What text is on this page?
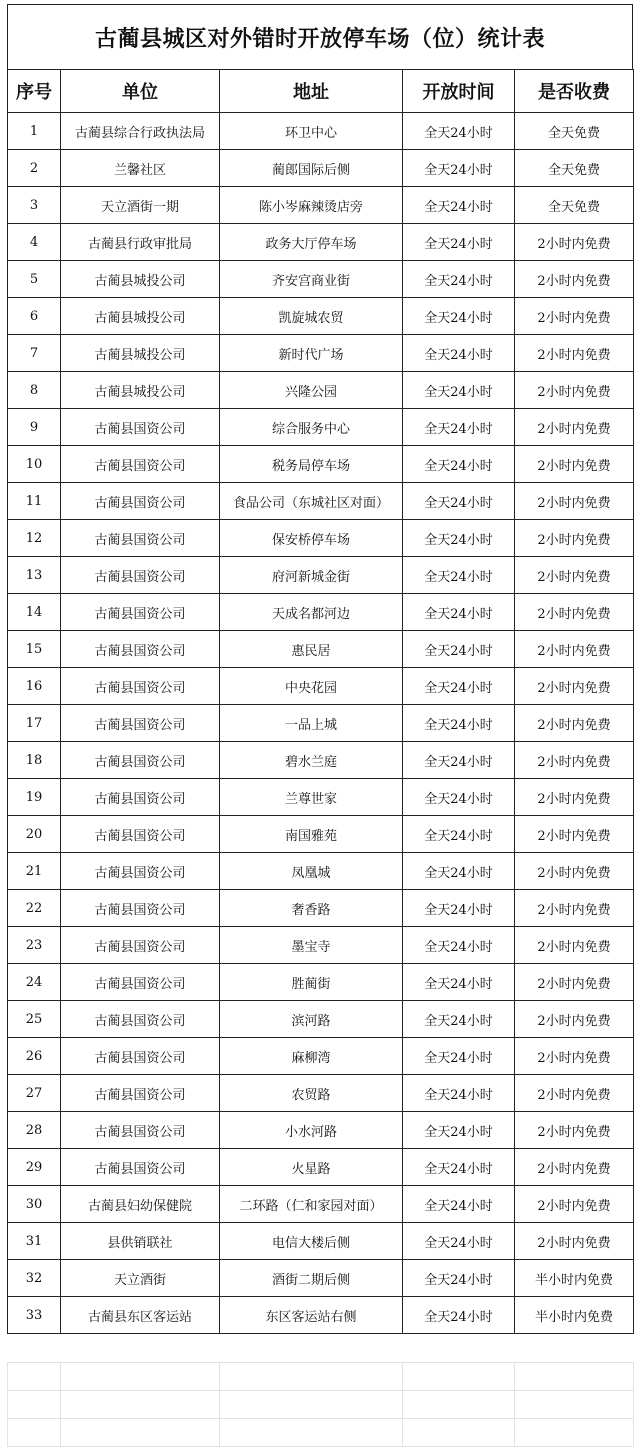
古蔺县城区对外错时开放停车场（位）统计表
序号	单位	地址	开放时间	是否收费
1	古蔺县综合行政执法局	环卫中心	全天24小时	全天免费
2	兰馨社区	蔺郎国际后侧	全天24小时	全天免费
3	天立酒街一期	陈小岑麻辣烫店旁	全天24小时	全天免费
4	古蔺县行政审批局	政务大厅停车场	全天24小时	2小时内免费
5	古蔺县城投公司	齐安宫商业街	全天24小时	2小时内免费
6	古蔺县城投公司	凯旋城农贸	全天24小时	2小时内免费
7	古蔺县城投公司	新时代广场	全天24小时	2小时内免费
8	古蔺县城投公司	兴隆公园	全天24小时	2小时内免费
9	古蔺县国资公司	综合服务中心	全天24小时	2小时内免费
10	古蔺县国资公司	税务局停车场	全天24小时	2小时内免费
11	古蔺县国资公司	食品公司（东城社区对面）	全天24小时	2小时内免费
12	古蔺县国资公司	保安桥停车场	全天24小时	2小时内免费
13	古蔺县国资公司	府河新城金街	全天24小时	2小时内免费
14	古蔺县国资公司	天成名都河边	全天24小时	2小时内免费
15	古蔺县国资公司	惠民居	全天24小时	2小时内免费
16	古蔺县国资公司	中央花园	全天24小时	2小时内免费
17	古蔺县国资公司	一品上城	全天24小时	2小时内免费
18	古蔺县国资公司	碧水兰庭	全天24小时	2小时内免费
19	古蔺县国资公司	兰尊世家	全天24小时	2小时内免费
20	古蔺县国资公司	南国雅苑	全天24小时	2小时内免费
21	古蔺县国资公司	凤凰城	全天24小时	2小时内免费
22	古蔺县国资公司	奢香路	全天24小时	2小时内免费
23	古蔺县国资公司	墨宝寺	全天24小时	2小时内免费
24	古蔺县国资公司	胜蔺街	全天24小时	2小时内免费
25	古蔺县国资公司	滨河路	全天24小时	2小时内免费
26	古蔺县国资公司	麻柳湾	全天24小时	2小时内免费
27	古蔺县国资公司	农贸路	全天24小时	2小时内免费
28	古蔺县国资公司	小水河路	全天24小时	2小时内免费
29	古蔺县国资公司	火星路	全天24小时	2小时内免费
30	古蔺县妇幼保健院	二环路（仁和家园对面）	全天24小时	2小时内免费
31	县供销联社	电信大楼后侧	全天24小时	2小时内免费
32	天立酒街	酒街二期后侧	全天24小时	半小时内免费
33	古蔺县东区客运站	东区客运站右侧	全天24小时	半小时内免费
